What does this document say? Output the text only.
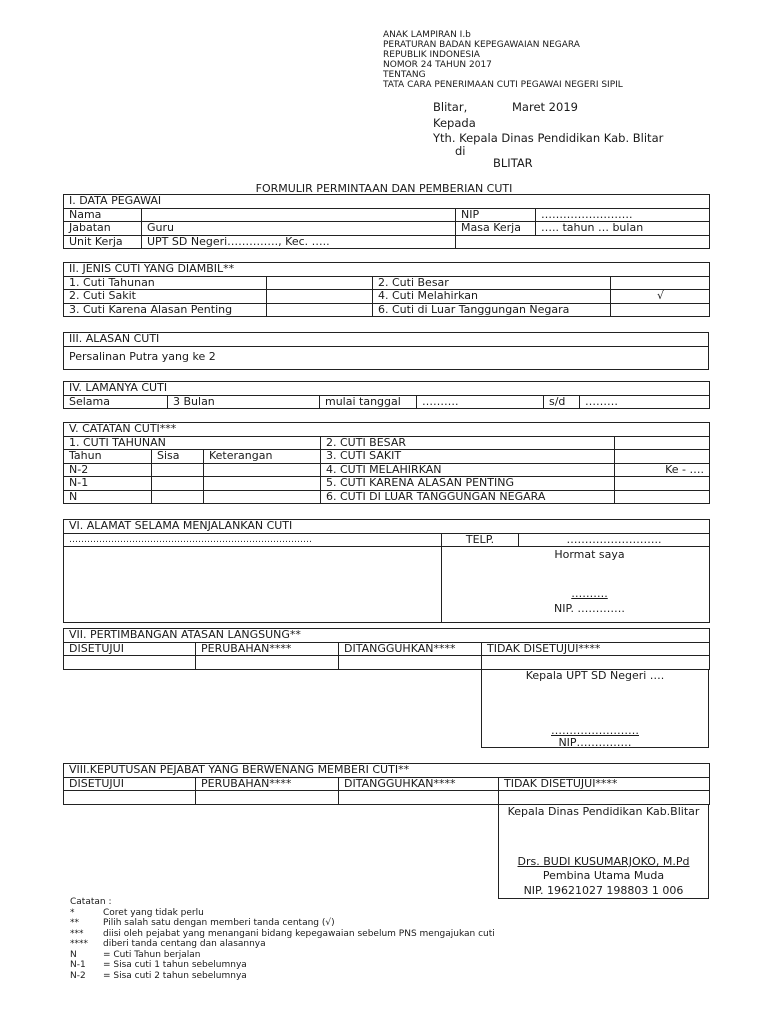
ANAK LAMPIRAN I.b
PERATURAN BADAN KEPEGAWAIAN NEGARA
REPUBLIK INDONESIA
NOMOR 24 TAHUN 2017
TENTANG
TATA CARA PENERIMAAN CUTI PEGAWAI NEGERI SIPIL
Blitar,	Maret 2019
Kepada
Yth. Kepala Dinas Pendidikan Kab. Blitar
di
BLITAR
FORMULIR PERMINTAAN DAN PEMBERIAN CUTI
I. DATA PEGAWAI			
Nama		NIP	…………………….
Jabatan	Guru	Masa Kerja	….. tahun … bulan
Unit Kerja	UPT SD Negeri……….…., Kec. …..		
II. JENIS CUTI YANG DIAMBIL**			
1. Cuti Tahunan		2. Cuti Besar	
2. Cuti Sakit		4. Cuti Melahirkan	√
3. Cuti Karena Alasan Penting		6. Cuti di Luar Tanggungan Negara	
III. ALASAN CUTI
Persalinan Putra yang ke 2
IV. LAMANYA CUTI
Selama	3 Bulan	mulai tanggal	……….	s/d	………
V. CATATAN CUTI***				
1. CUTI TAHUNAN			2. CUTI BESAR	
Tahun	Sisa	Keterangan	3. CUTI SAKIT	
N-2			4. CUTI MELAHIRKAN	Ke - ….
N-1			5. CUTI KARENA ALASAN PENTING	
N			6. CUTI DI LUAR TANGGUNGAN NEGARA	
VI. ALAMAT SELAMA MENJALANKAN CUTI		
………………………………………………………………………	TELP.	……………………..

	Hormat saya
……….
NIP. ………….	
VII. PERTIMBANGAN ATASAN LANGSUNG**			
DISETUJUI	PERUBAHAN****	DITANGGUHKAN****	TIDAK DISETUJUI****

Kepala UPT SD Negeri ….
……………………
NIP……………
VIII.KEPUTUSAN PEJABAT YANG BERWENANG MEMBERI CUTI**			
DISETUJUI	PERUBAHAN****	DITANGGUHKAN****	TIDAK DISETUJUI****

Kepala Dinas Pendidikan Kab.Blitar
Drs. BUDI KUSUMARJOKO, M.Pd
Pembina Utama Muda
NIP. 19621027 198803 1 006
Catatan :
*	Coret yang tidak perlu
**	Pilih salah satu dengan memberi tanda centang (√)
*** diisi oleh pejabat yang menangani bidang kepegawaian sebelum PNS mengajukan cuti
**** diberi tanda centang dan alasannya
N	= Cuti Tahun berjalan
N-1 = Sisa cuti 1 tahun sebelumnya
N-2 = Sisa cuti 2 tahun sebelumnya
